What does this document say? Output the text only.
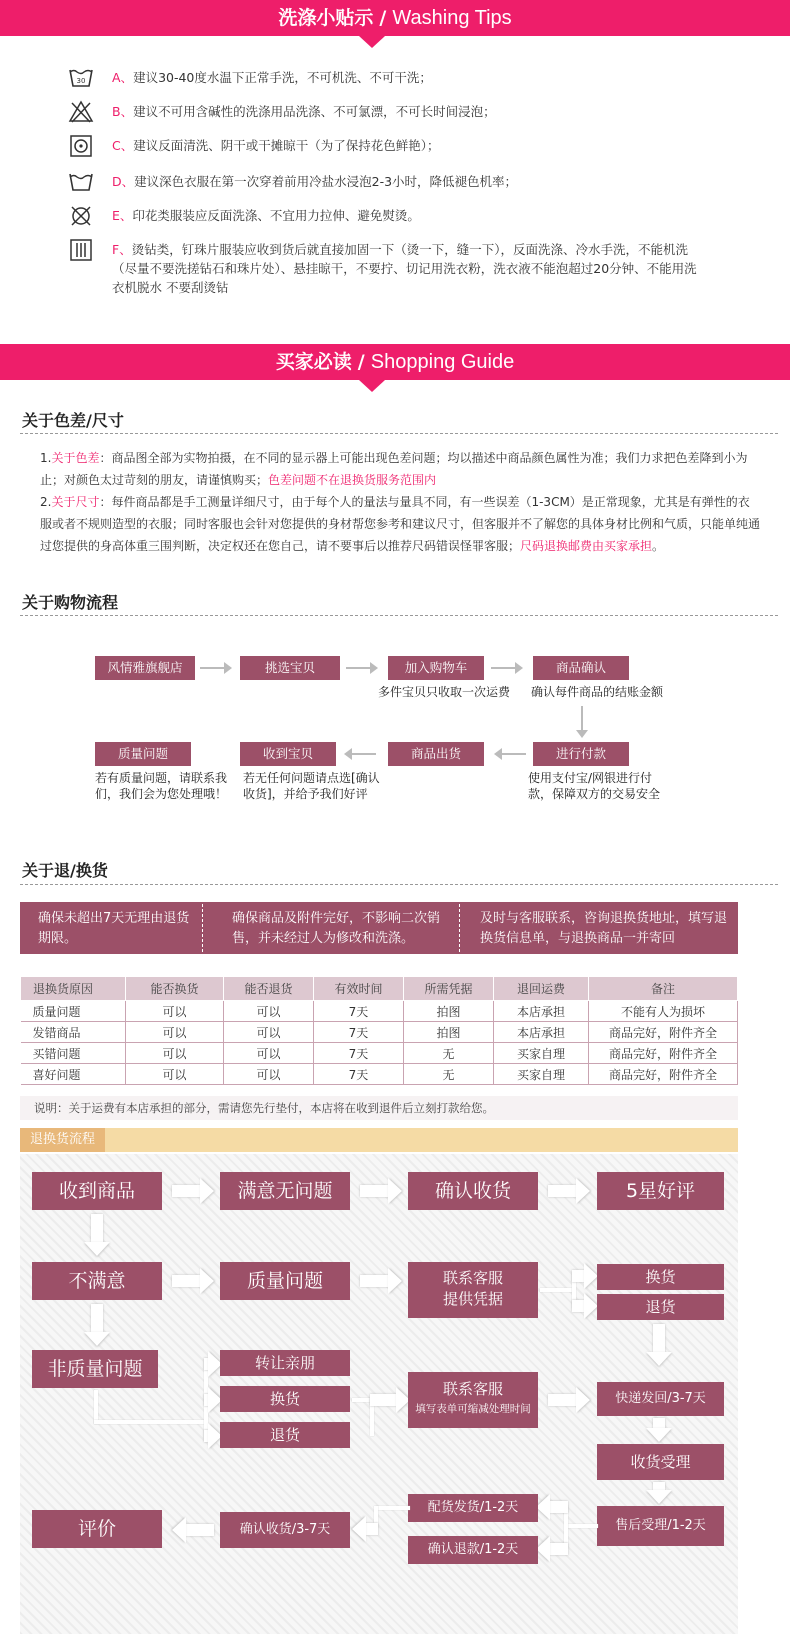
洗涤小贴示 / Washing Tips
30 A、建议30-40度水温下正常手洗，不可机洗、不可干洗；
B、建议不可用含碱性的洗涤用品洗涤、不可氯漂，不可长时间浸泡；
C、建议反面清洗、阴干或干摊晾干（为了保持花色鲜艳）；
D、建议深色衣服在第一次穿着前用冷盐水浸泡2-3小时，降低褪色机率；
E、印花类服装应反面洗涤、不宜用力拉伸、避免熨烫。
F、烫钻类，钉珠片服装应收到货后就直接加固一下（烫一下，缝一下），反面洗涤、冷水手洗，不能机洗（尽量不要洗搓钻石和珠片处）、悬挂晾干，不要拧、切记用洗衣粉，洗衣液不能泡超过20分钟、不能用洗衣机脱水 不要刮烫钻
买家必读 / Shopping Guide
关于色差/尺寸
1.关于色差：商品图全部为实物拍摄，在不同的显示器上可能出现色差问题；均以描述中商品颜色属性为准；我们力求把色差降到小为止；对颜色太过苛刻的朋友，请谨慎购买；色差问题不在退换货服务范围内
2.关于尺寸：每件商品都是手工测量详细尺寸，由于每个人的量法与量具不同，有一些误差（1-3CM）是正常现象，尤其是有弹性的衣服或者不规则造型的衣服；同时客服也会针对您提供的身材帮您参考和建议尺寸，但客服并不了解您的具体身材比例和气质，只能单纯通过您提供的身高体重三围判断，决定权还在您自己，请不要事后以推荐尺码错误怪罪客服；尺码退换邮费由买家承担。
关于购物流程
风情雅旗舰店	挑选宝贝	加入购物车
多件宝贝只收取一次运费
商品确认
确认每件商品的结账金额
进行付款
使用支付宝/网银进行付款，保障双方的交易安全
商品出货
收到宝贝
若无任何问题请点选[确认收货]，并给予我们好评
质量问题
若有质量问题，请联系我们，我们会为您处理哦！
关于退/换货
确保未超出7天无理由退货期限。
确保商品及附件完好，不影响二次销售，并未经过人为修改和洗涤。
及时与客服联系，咨询退换货地址，填写退换货信息单，与退换商品一并寄回
退换货原因	能否换货	能否退货	有效时间	所需凭据	退回运费	备注
质量问题	可以	可以	7天	拍图	本店承担	不能有人为损坏
发错商品	可以	可以	7天	拍图	本店承担	商品完好，附件齐全
买错问题	可以	可以	7天	无	买家自理	商品完好，附件齐全
喜好问题	可以	可以	7天	无	买家自理	商品完好，附件齐全
说明：关于运费有本店承担的部分，需请您先行垫付，本店将在收到退件后立刻打款给您。
退换货流程
收到商品	满意无问题	确认收货	5星好评
不满意	质量问题	联系客服
提供凭据
换货
退货
非质量问题	转让亲朋
换货
退货
联系客服
填写表单可缩减处理时间
快递发回/3-7天
收货受理
售后受理/1-2天
配货发货/1-2天
确认退款/1-2天
确认收货/3-7天
评价
